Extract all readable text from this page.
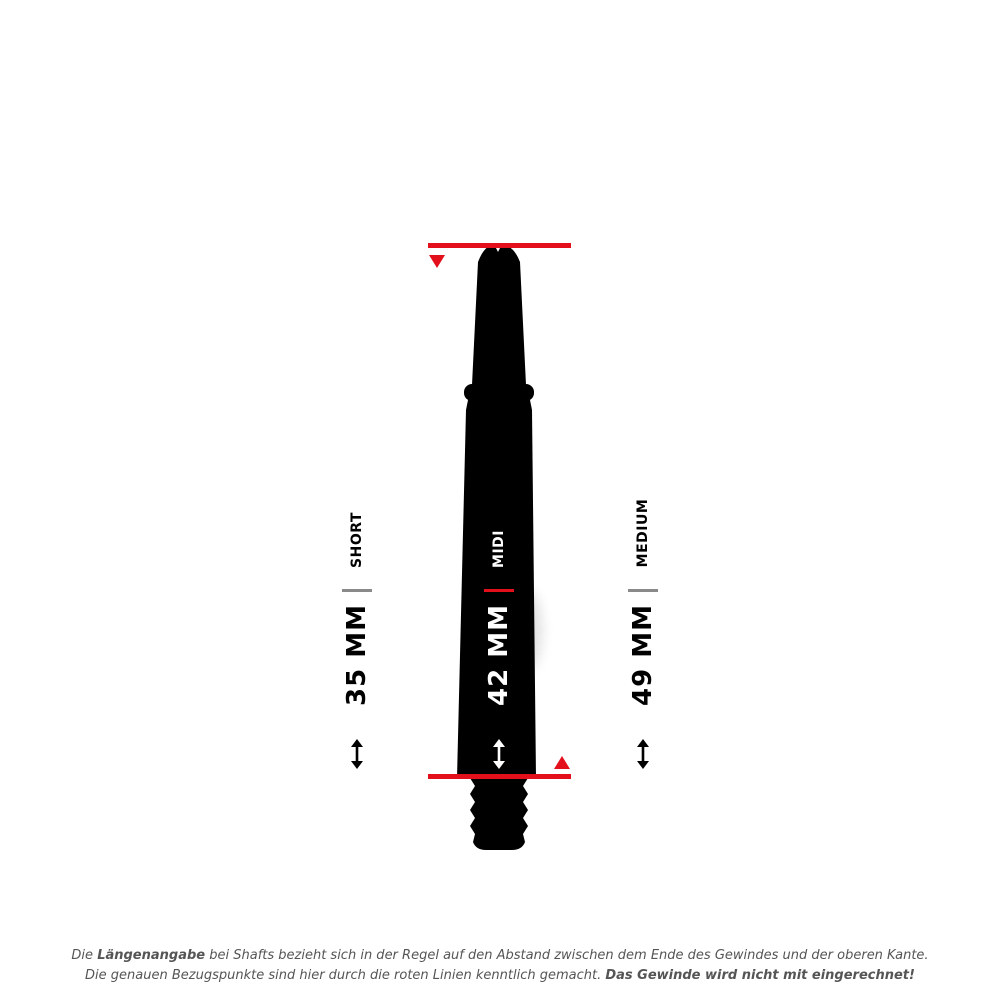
SHORT
35 MM
MIDI
42 MM
MEDIUM
49 MM
Die Längenangabe bei Shafts bezieht sich in der Regel auf den Abstand zwischen dem Ende des Gewindes und der oberen Kante.
Die genauen Bezugspunkte sind hier durch die roten Linien kenntlich gemacht. Das Gewinde wird nicht mit eingerechnet!
